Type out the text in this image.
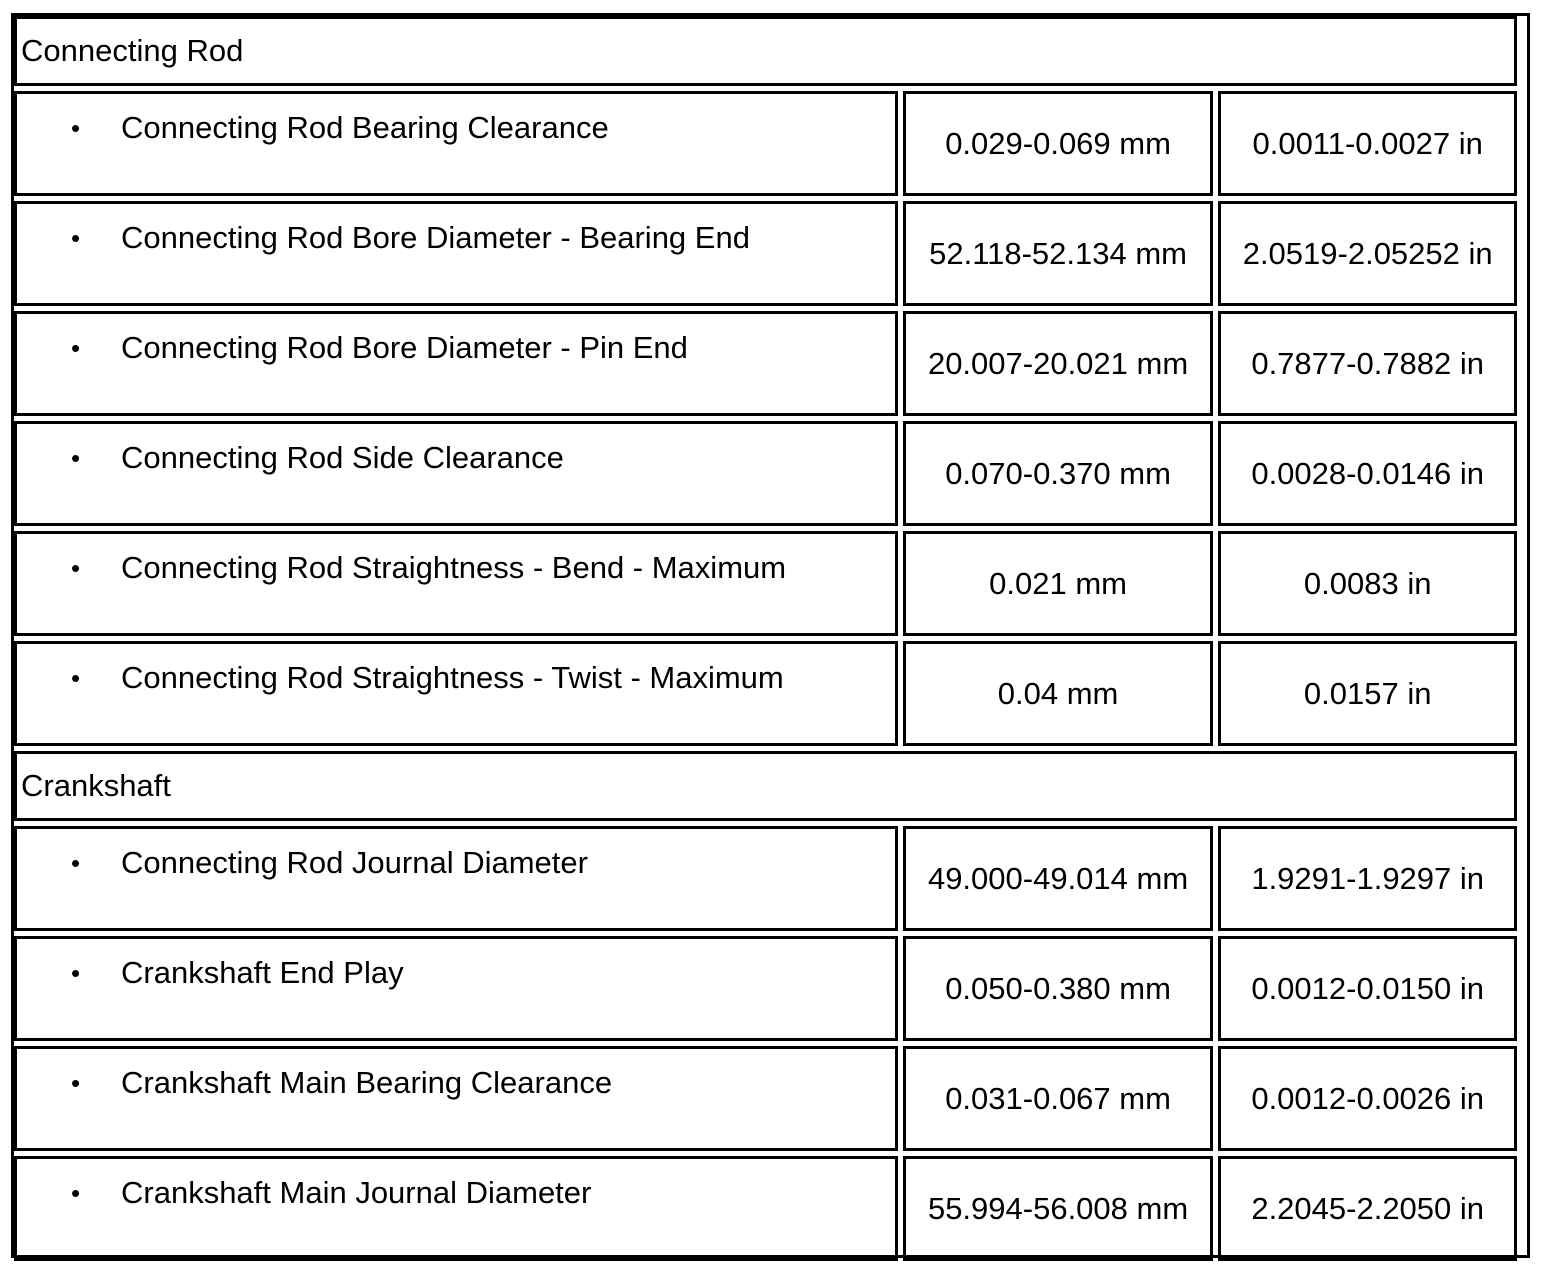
Connecting Rod		
• Connecting Rod Bearing Clearance	0.029-0.069 mm	0.0011-0.0027 in
• Connecting Rod Bore Diameter - Bearing End	52.118-52.134 mm	2.0519-2.05252 in
• Connecting Rod Bore Diameter - Pin End	20.007-20.021 mm	0.7877-0.7882 in
• Connecting Rod Side Clearance	0.070-0.370 mm	0.0028-0.0146 in
• Connecting Rod Straightness - Bend - Maximum	0.021 mm	0.0083 in
• Connecting Rod Straightness - Twist - Maximum	0.04 mm	0.0157 in
Crankshaft		
• Connecting Rod Journal Diameter	49.000-49.014 mm	1.9291-1.9297 in
• Crankshaft End Play	0.050-0.380 mm	0.0012-0.0150 in
• Crankshaft Main Bearing Clearance	0.031-0.067 mm	0.0012-0.0026 in
• Crankshaft Main Journal Diameter	55.994-56.008 mm	2.2045-2.2050 in
